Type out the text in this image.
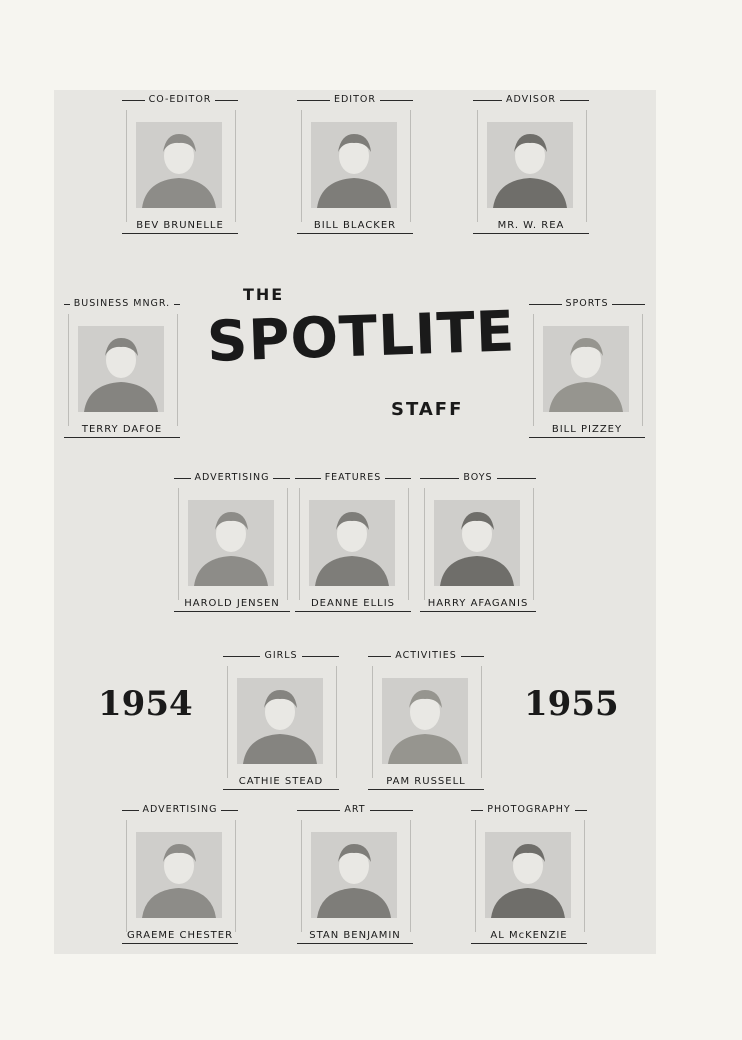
THE
SPOTLITE
STAFF
1954	1955
CO-EDITOR
BEV BRUNELLE
EDITOR
BILL BLACKER
ADVISOR
MR. W. REA
BUSINESS MNGR.
TERRY DAFOE
SPORTS
BILL PIZZEY
ADVERTISING
HAROLD JENSEN
FEATURES
DEANNE ELLIS
BOYS
HARRY AFAGANIS
GIRLS
CATHIE STEAD
ACTIVITIES
PAM RUSSELL
ADVERTISING
GRAEME CHESTER
ART
STAN BENJAMIN
PHOTOGRAPHY
AL McKENZIE
